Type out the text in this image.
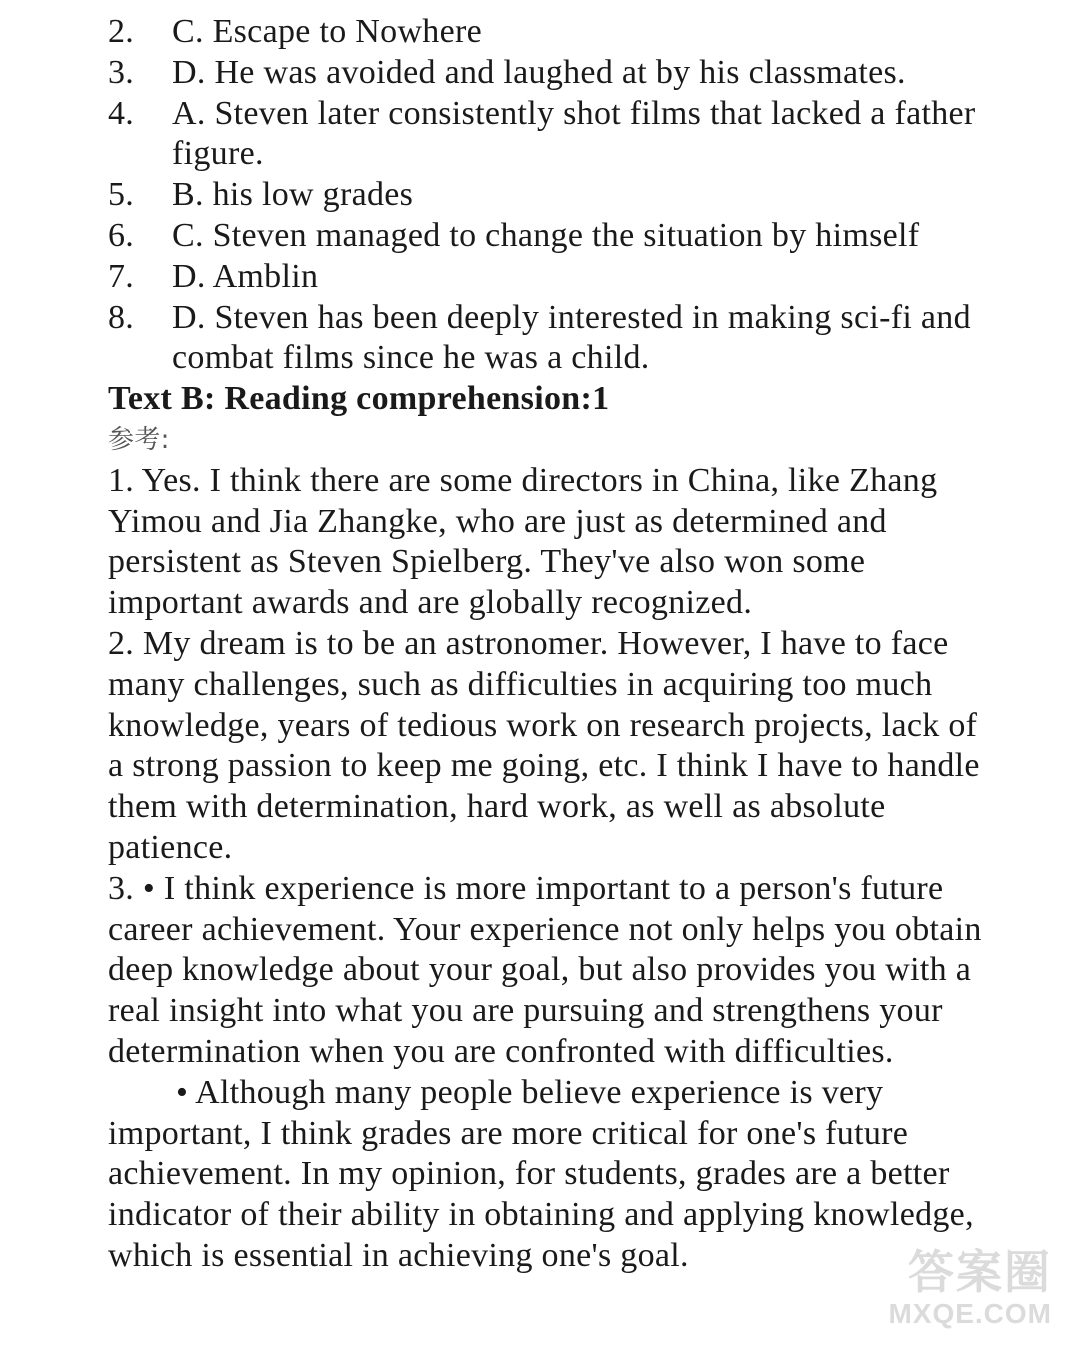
2.	C. Escape to Nowhere
3.	D. He was avoided and laughed at by his classmates.
4.	A. Steven later consistently shot films that lacked a father figure.
5.	B. his low grades
6.	C. Steven managed to change the situation by himself
7.	D. Amblin
8.	D. Steven has been deeply interested in making sci-fi and combat films since he was a child.
Text B: Reading comprehension:1
参考:

1. Yes. I think there are some directors in China, like Zhang Yimou and Jia Zhangke, who are just as determined and persistent as Steven Spielberg. They've also won some important awards and are globally recognized.

2. My dream is to be an astronomer. However, I have to face many challenges, such as difficulties in acquiring too much knowledge, years of tedious work on research projects, lack of a strong passion to keep me going, etc. I think I have to handle them with determination, hard work, as well as absolute patience.

3. • I think experience is more important to a person's future career achievement. Your experience not only helps you obtain deep knowledge about your goal, but also provides you with a real insight into what you are pursuing and strengthens your determination when you are confronted with difficulties.

• Although many people believe experience is very important, I think grades are more critical for one's future achievement. In my opinion, for students, grades are a better indicator of their ability in obtaining and applying knowledge, which is essential in achieving one's goal.	答案圈
MXQE.COM
